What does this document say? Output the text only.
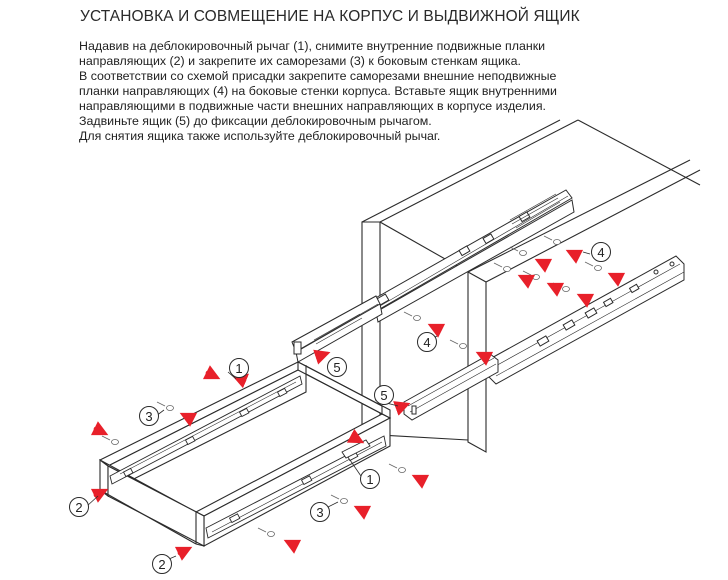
УСТАНОВКА И СОВМЕЩЕНИЕ НА КОРПУС И ВЫДВИЖНОЙ ЯЩИК
Надавив на деблокировочный рычаг (1), снимите внутренние подвижные планки
направляющих (2) и закрепите их саморезами (3) к боковым стенкам ящика.
В соответствии со схемой присадки закрепите саморезами внешние неподвижные
планки направляющих (4) на боковые стенки корпуса. Вставьте ящик внутренними
направляющими в подвижные части внешних направляющих в корпусе изделия.
Задвиньте ящик (5) до фиксации деблокировочным рычагом.
Для снятия ящика также используйте деблокировочный рычаг.
4
4
1	5
3
5
1
2	3
2
